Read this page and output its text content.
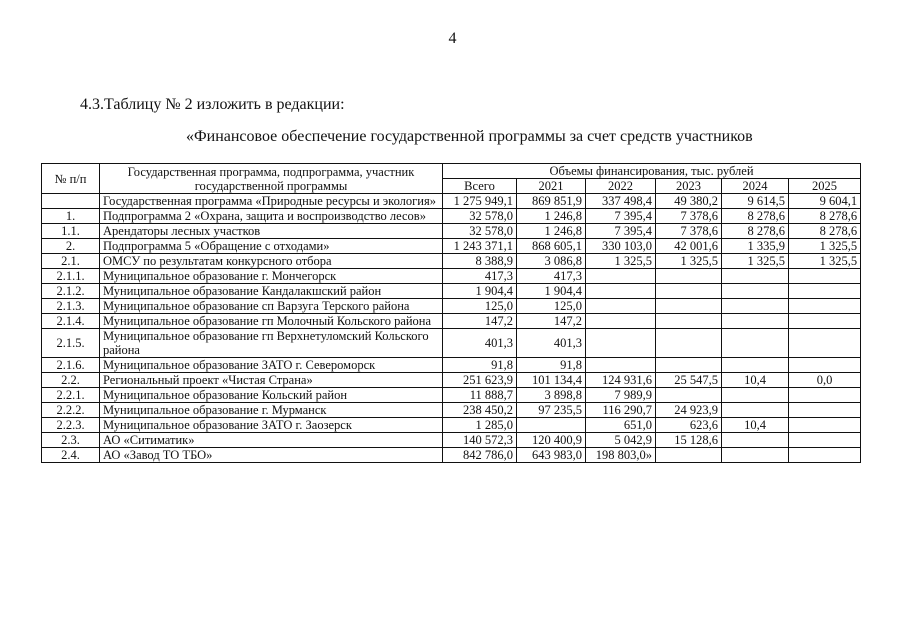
4
4.3.Таблицу № 2 изложить в редакции:
«Финансовое обеспечение государственной программы за счет средств участников
№ п/п	Государственная программа, подпрограмма, участник государственной программы	Объемы финансирования, тыс. рублей					
		Всего	2021	2022	2023	2024	2025
	Государственная программа «Природные ресурсы и экология»	1 275 949,1	869 851,9	337 498,4	49 380,2	9 614,5	9 604,1
1.	Подпрограмма 2 «Охрана, защита и воспроизводство лесов»	32 578,0	1 246,8	7 395,4	7 378,6	8 278,6	8 278,6
1.1.	Арендаторы лесных участков	32 578,0	1 246,8	7 395,4	7 378,6	8 278,6	8 278,6
2.	Подпрограмма 5 «Обращение с отходами»	1 243 371,1	868 605,1	330 103,0	42 001,6	1 335,9	1 325,5
2.1.	ОМСУ по результатам конкурсного отбора	8 388,9	3 086,8	1 325,5	1 325,5	1 325,5	1 325,5
2.1.1.	Муниципальное образование г. Мончегорск	417,3	417,3				
2.1.2.	Муниципальное образование Кандалакшский район	1 904,4	1 904,4				
2.1.3.	Муниципальное образование сп Варзуга Терского района	125,0	125,0				
2.1.4.	Муниципальное образование гп Молочный Кольского района	147,2	147,2				
2.1.5.	Муниципальное образование гп Верхнетуломский Кольского района	401,3	401,3				
2.1.6.	Муниципальное образование ЗАТО г. Североморск	91,8	91,8				
2.2.	Региональный проект «Чистая Страна»	251 623,9	101 134,4	124 931,6	25 547,5	10,4	0,0
2.2.1.	Муниципальное образование Кольский район	11 888,7	3 898,8	7 989,9			
2.2.2.	Муниципальное образование г. Мурманск	238 450,2	97 235,5	116 290,7	24 923,9		
2.2.3.	Муниципальное образование ЗАТО г. Заозерск	1 285,0		651,0	623,6	10,4	
2.3.	АО «Ситиматик»	140 572,3	120 400,9	5 042,9	15 128,6		
2.4.	АО «Завод ТО ТБО»	842 786,0	643 983,0	198 803,0»			
